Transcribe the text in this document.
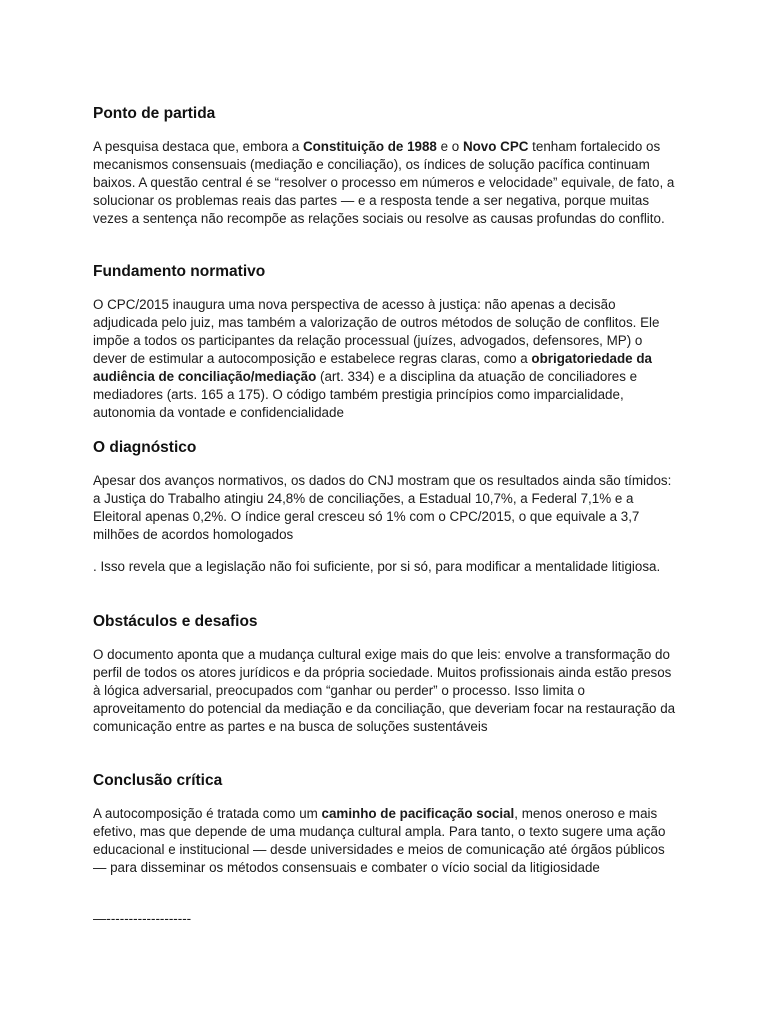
Ponto de partida

A pesquisa destaca que, embora a Constituição de 1988 e o Novo CPC tenham fortalecido os mecanismos consensuais (mediação e conciliação), os índices de solução pacífica continuam baixos. A questão central é se “resolver o processo em números e velocidade” equivale, de fato, a solucionar os problemas reais das partes — e a resposta tende a ser negativa, porque muitas vezes a sentença não recompõe as relações sociais ou resolve as causas profundas do conflito.

Fundamento normativo

O CPC/2015 inaugura uma nova perspectiva de acesso à justiça: não apenas a decisão adjudicada pelo juiz, mas também a valorização de outros métodos de solução de conflitos. Ele impõe a todos os participantes da relação processual (juízes, advogados, defensores, MP) o dever de estimular a autocomposição e estabelece regras claras, como a obrigatoriedade da audiência de conciliação/mediação (art. 334) e a disciplina da atuação de conciliadores e mediadores (arts. 165 a 175). O código também prestigia princípios como imparcialidade, autonomia da vontade e confidencialidade

O diagnóstico

Apesar dos avanços normativos, os dados do CNJ mostram que os resultados ainda são tímidos: a Justiça do Trabalho atingiu 24,8% de conciliações, a Estadual 10,7%, a Federal 7,1% e a Eleitoral apenas 0,2%. O índice geral cresceu só 1% com o CPC/2015, o que equivale a 3,7 milhões de acordos homologados

. Isso revela que a legislação não foi suficiente, por si só, para modificar a mentalidade litigiosa.

Obstáculos e desafios

O documento aponta que a mudança cultural exige mais do que leis: envolve a transformação do perfil de todos os atores jurídicos e da própria sociedade. Muitos profissionais ainda estão presos à lógica adversarial, preocupados com “ganhar ou perder” o processo. Isso limita o aproveitamento do potencial da mediação e da conciliação, que deveriam focar na restauração da comunicação entre as partes e na busca de soluções sustentáveis

Conclusão crítica

A autocomposição é tratada como um caminho de pacificação social, menos oneroso e mais efetivo, mas que depende de uma mudança cultural ampla. Para tanto, o texto sugere uma ação educacional e institucional — desde universidades e meios de comunicação até órgãos públicos — para disseminar os métodos consensuais e combater o vício social da litigiosidade

—-------------------
